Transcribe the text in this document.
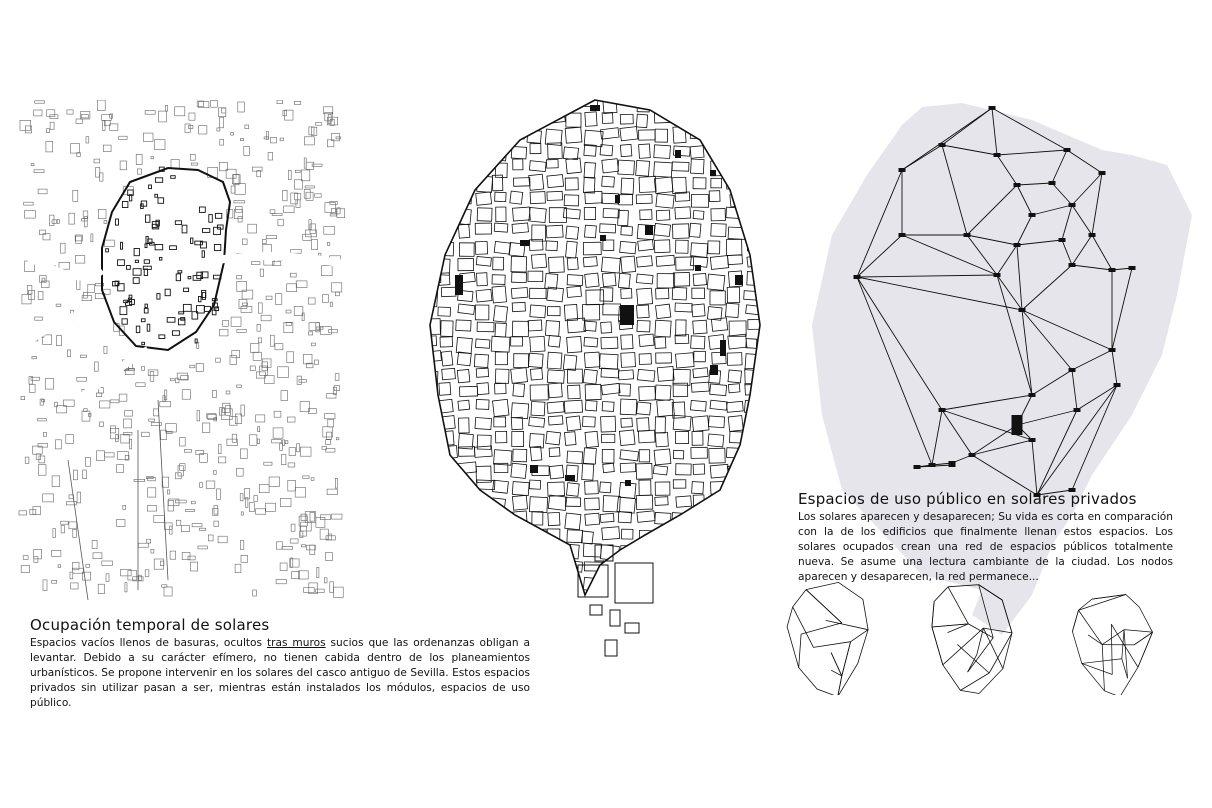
Ocupación temporal de solares
Espacios vacíos llenos de basuras, ocultos tras muros sucios que las ordenanzas obligan a levantar. Debido a su carácter efímero, no tienen cabida dentro de los planeamientos urbanísticos. Se propone intervenir en los solares del casco antiguo de Sevilla. Estos espacios privados sin utilizar pasan a ser, mientras están instalados los módulos, espacios de uso público.
Espacios de uso público en solares privados
Los solares aparecen y desaparecen; Su vida es corta en comparación con la de los edificios que finalmente llenan estos espacios. Los solares ocupados crean una red de espacios públicos totalmente nueva. Se asume una lectura cambiante de la ciudad. Los nodos aparecen y desaparecen, la red permanece...
